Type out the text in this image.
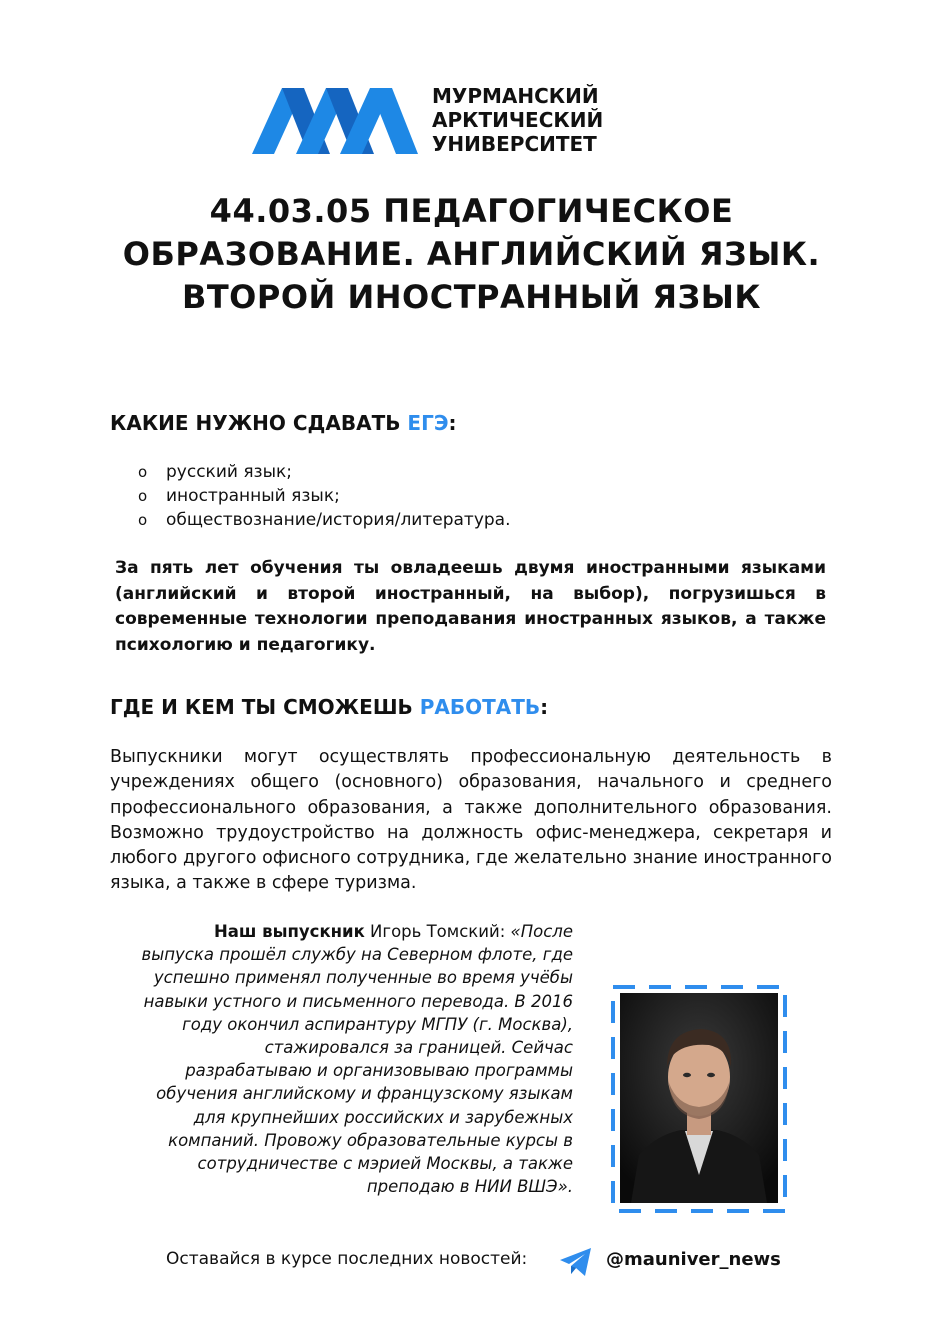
МУРМАНСКИЙ
АРКТИЧЕСКИЙ
УНИВЕРСИТЕТ
44.03.05 ПЕДАГОГИЧЕСКОЕ ОБРАЗОВАНИЕ. АНГЛИЙСКИЙ ЯЗЫК. ВТОРОЙ ИНОСТРАННЫЙ ЯЗЫК
КАКИЕ НУЖНО СДАВАТЬ ЕГЭ:
o русский язык;
o иностранный язык;
o обществознание/история/литература.
За пять лет обучения ты овладеешь двумя иностранными языками (английский и второй иностранный, на выбор), погрузишься в современные технологии преподавания иностранных языков, а также психологию и педагогику.
ГДЕ И КЕМ ТЫ СМОЖЕШЬ РАБОТАТЬ:
Выпускники могут осуществлять профессиональную деятельность в учреждениях общего (основного) образования, начального и среднего профессионального образования, а также дополнительного образования. Возможно трудоустройство на должность офис-менеджера, секретаря и любого другого офисного сотрудника, где желательно знание иностранного языка, а также в сфере туризма.
Наш выпускник Игорь Томский: «После выпуска прошёл службу на Северном флоте, где успешно применял полученные во время учёбы навыки устного и письменного перевода. В 2016 году окончил аспирантуру МГПУ (г. Москва), стажировался за границей. Сейчас разрабатываю и организовываю программы обучения английскому и французскому языкам для крупнейших российских и зарубежных компаний. Провожу образовательные курсы в сотрудничестве с мэрией Москвы, а также преподаю в НИИ ВШЭ».
Оставайся в курсе последних новостей:	@mauniver_news
